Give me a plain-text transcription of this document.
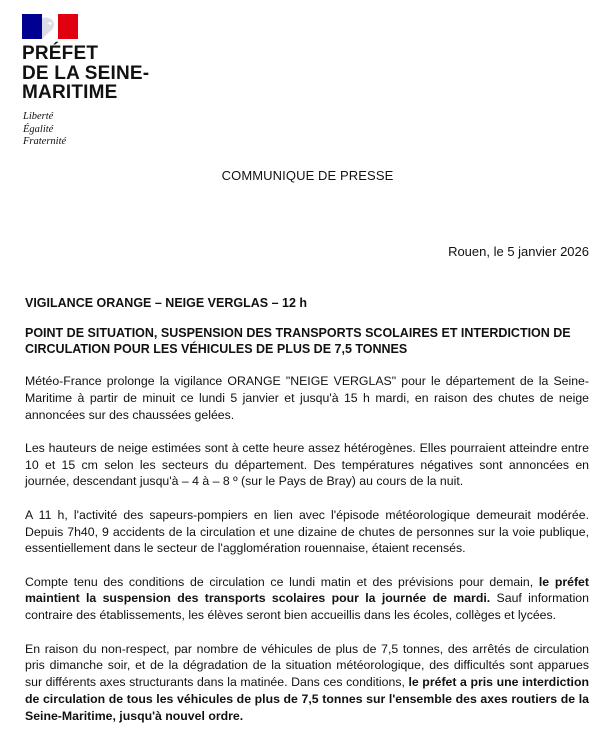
PRÉFET
DE LA SEINE-
MARITIME
Liberté
Égalité
Fraternité
COMMUNIQUE DE PRESSE
Rouen, le 5 janvier 2026
VIGILANCE ORANGE – NEIGE VERGLAS – 12 h
POINT DE SITUATION, SUSPENSION DES TRANSPORTS SCOLAIRES ET INTERDICTION DE CIRCULATION POUR LES VÉHICULES DE PLUS DE 7,5 TONNES

Météo-France prolonge la vigilance ORANGE "NEIGE VERGLAS" pour le département de la Seine-Maritime à partir de minuit ce lundi 5 janvier et jusqu'à 15 h mardi, en raison des chutes de neige annoncées sur des chaussées gelées.

Les hauteurs de neige estimées sont à cette heure assez hétérogènes. Elles pourraient atteindre entre 10 et 15 cm selon les secteurs du département. Des températures négatives sont annoncées en journée, descendant jusqu'à – 4 à – 8 º (sur le Pays de Bray) au cours de la nuit.

A 11 h, l'activité des sapeurs-pompiers en lien avec l'épisode météorologique demeurait modérée. Depuis 7h40, 9 accidents de la circulation et une dizaine de chutes de personnes sur la voie publique, essentiellement dans le secteur de l'agglomération rouennaise, étaient recensés.

Compte tenu des conditions de circulation ce lundi matin et des prévisions pour demain, le préfet maintient la suspension des transports scolaires pour la journée de mardi. Sauf information contraire des établissements, les élèves seront bien accueillis dans les écoles, collèges et lycées.

En raison du non-respect, par nombre de véhicules de plus de 7,5 tonnes, des arrêtés de circulation pris dimanche soir, et de la dégradation de la situation météorologique, des difficultés sont apparues sur différents axes structurants dans la matinée. Dans ces conditions, le préfet a pris une interdiction de circulation de tous les véhicules de plus de 7,5 tonnes sur l'ensemble des axes routiers de la Seine-Maritime, jusqu'à nouvel ordre.
